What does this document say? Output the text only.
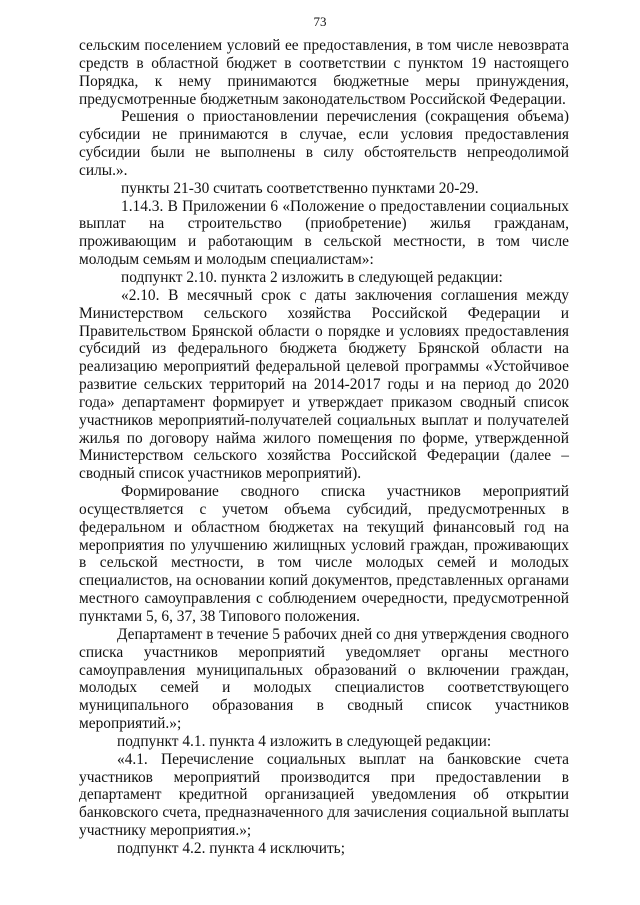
73

сельским поселением условий ее предоставления, в том числе невозврата средств в областной бюджет в соответствии с пунктом 19 настоящего Порядка, к нему принимаются бюджетные меры принуждения, предусмотренные бюджетным законодательством Российской Федерации.

Решения о приостановлении перечисления (сокращения объема) субсидии не принимаются в случае, если условия предоставления субсидии были не выполнены в силу обстоятельств непреодолимой силы.».

пункты 21-30 считать соответственно пунктами 20-29.

1.14.3. В Приложении 6 «Положение о предоставлении социальных выплат на строительство (приобретение) жилья гражданам, проживающим и работающим в сельской местности, в том числе молодым семьям и молодым специалистам»:

подпункт 2.10. пункта 2 изложить в следующей редакции:

«2.10. В месячный срок с даты заключения соглашения между Министерством сельского хозяйства Российской Федерации и Правительством Брянской области о порядке и условиях предоставления субсидий из федерального бюджета бюджету Брянской области на реализацию мероприятий федеральной целевой программы «Устойчивое развитие сельских территорий на 2014-2017 годы и на период до 2020 года» департамент формирует и утверждает приказом сводный список участников мероприятий-получателей социальных выплат и получателей жилья по договору найма жилого помещения по форме, утвержденной Министерством сельского хозяйства Российской Федерации (далее – сводный список участников мероприятий).

Формирование сводного списка участников мероприятий осуществляется с учетом объема субсидий, предусмотренных в федеральном и областном бюджетах на текущий финансовый год на мероприятия по улучшению жилищных условий граждан, проживающих в сельской местности, в том числе молодых семей и молодых специалистов, на основании копий документов, представленных органами местного самоуправления с соблюдением очередности, предусмотренной пунктами 5, 6, 37, 38 Типового положения.

Департамент в течение 5 рабочих дней со дня утверждения сводного списка участников мероприятий уведомляет органы местного самоуправления муниципальных образований о включении граждан, молодых семей и молодых специалистов соответствующего муниципального образования в сводный список участников мероприятий.»;

подпункт 4.1. пункта 4 изложить в следующей редакции:

«4.1. Перечисление социальных выплат на банковские счета участников мероприятий производится при предоставлении в департамент кредитной организацией уведомления об открытии банковского счета, предназначенного для зачисления социальной выплаты участнику мероприятия.»;

подпункт 4.2. пункта 4 исключить;
